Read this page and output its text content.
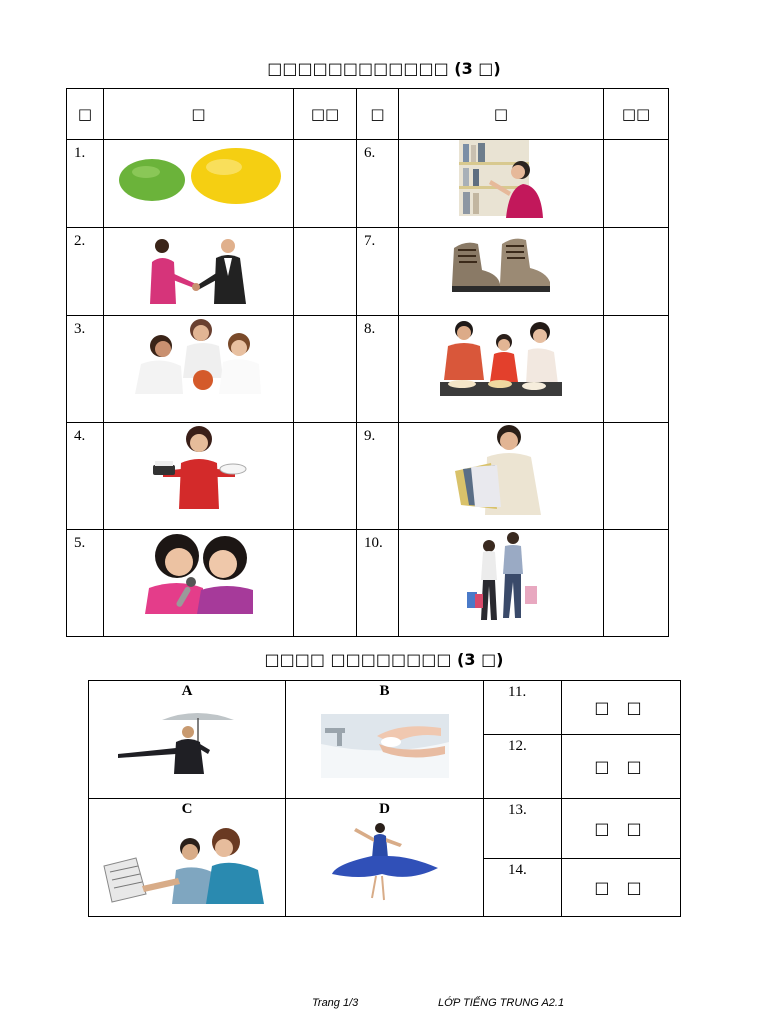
□□□□□□□□□□□□ (3 □)
□	□	□□	□	□	□□
1.			6.	

2.			7.	

3.			8.	

4.			9.	

5.			10.	

□□□□ □□□□□□□□ (3 □)
A	B	11.	□ □
		12.	□ □

C	D	13.	□ □
		14.	□ □
Trang 1/3	LỚP TIẾNG TRUNG A2.1
